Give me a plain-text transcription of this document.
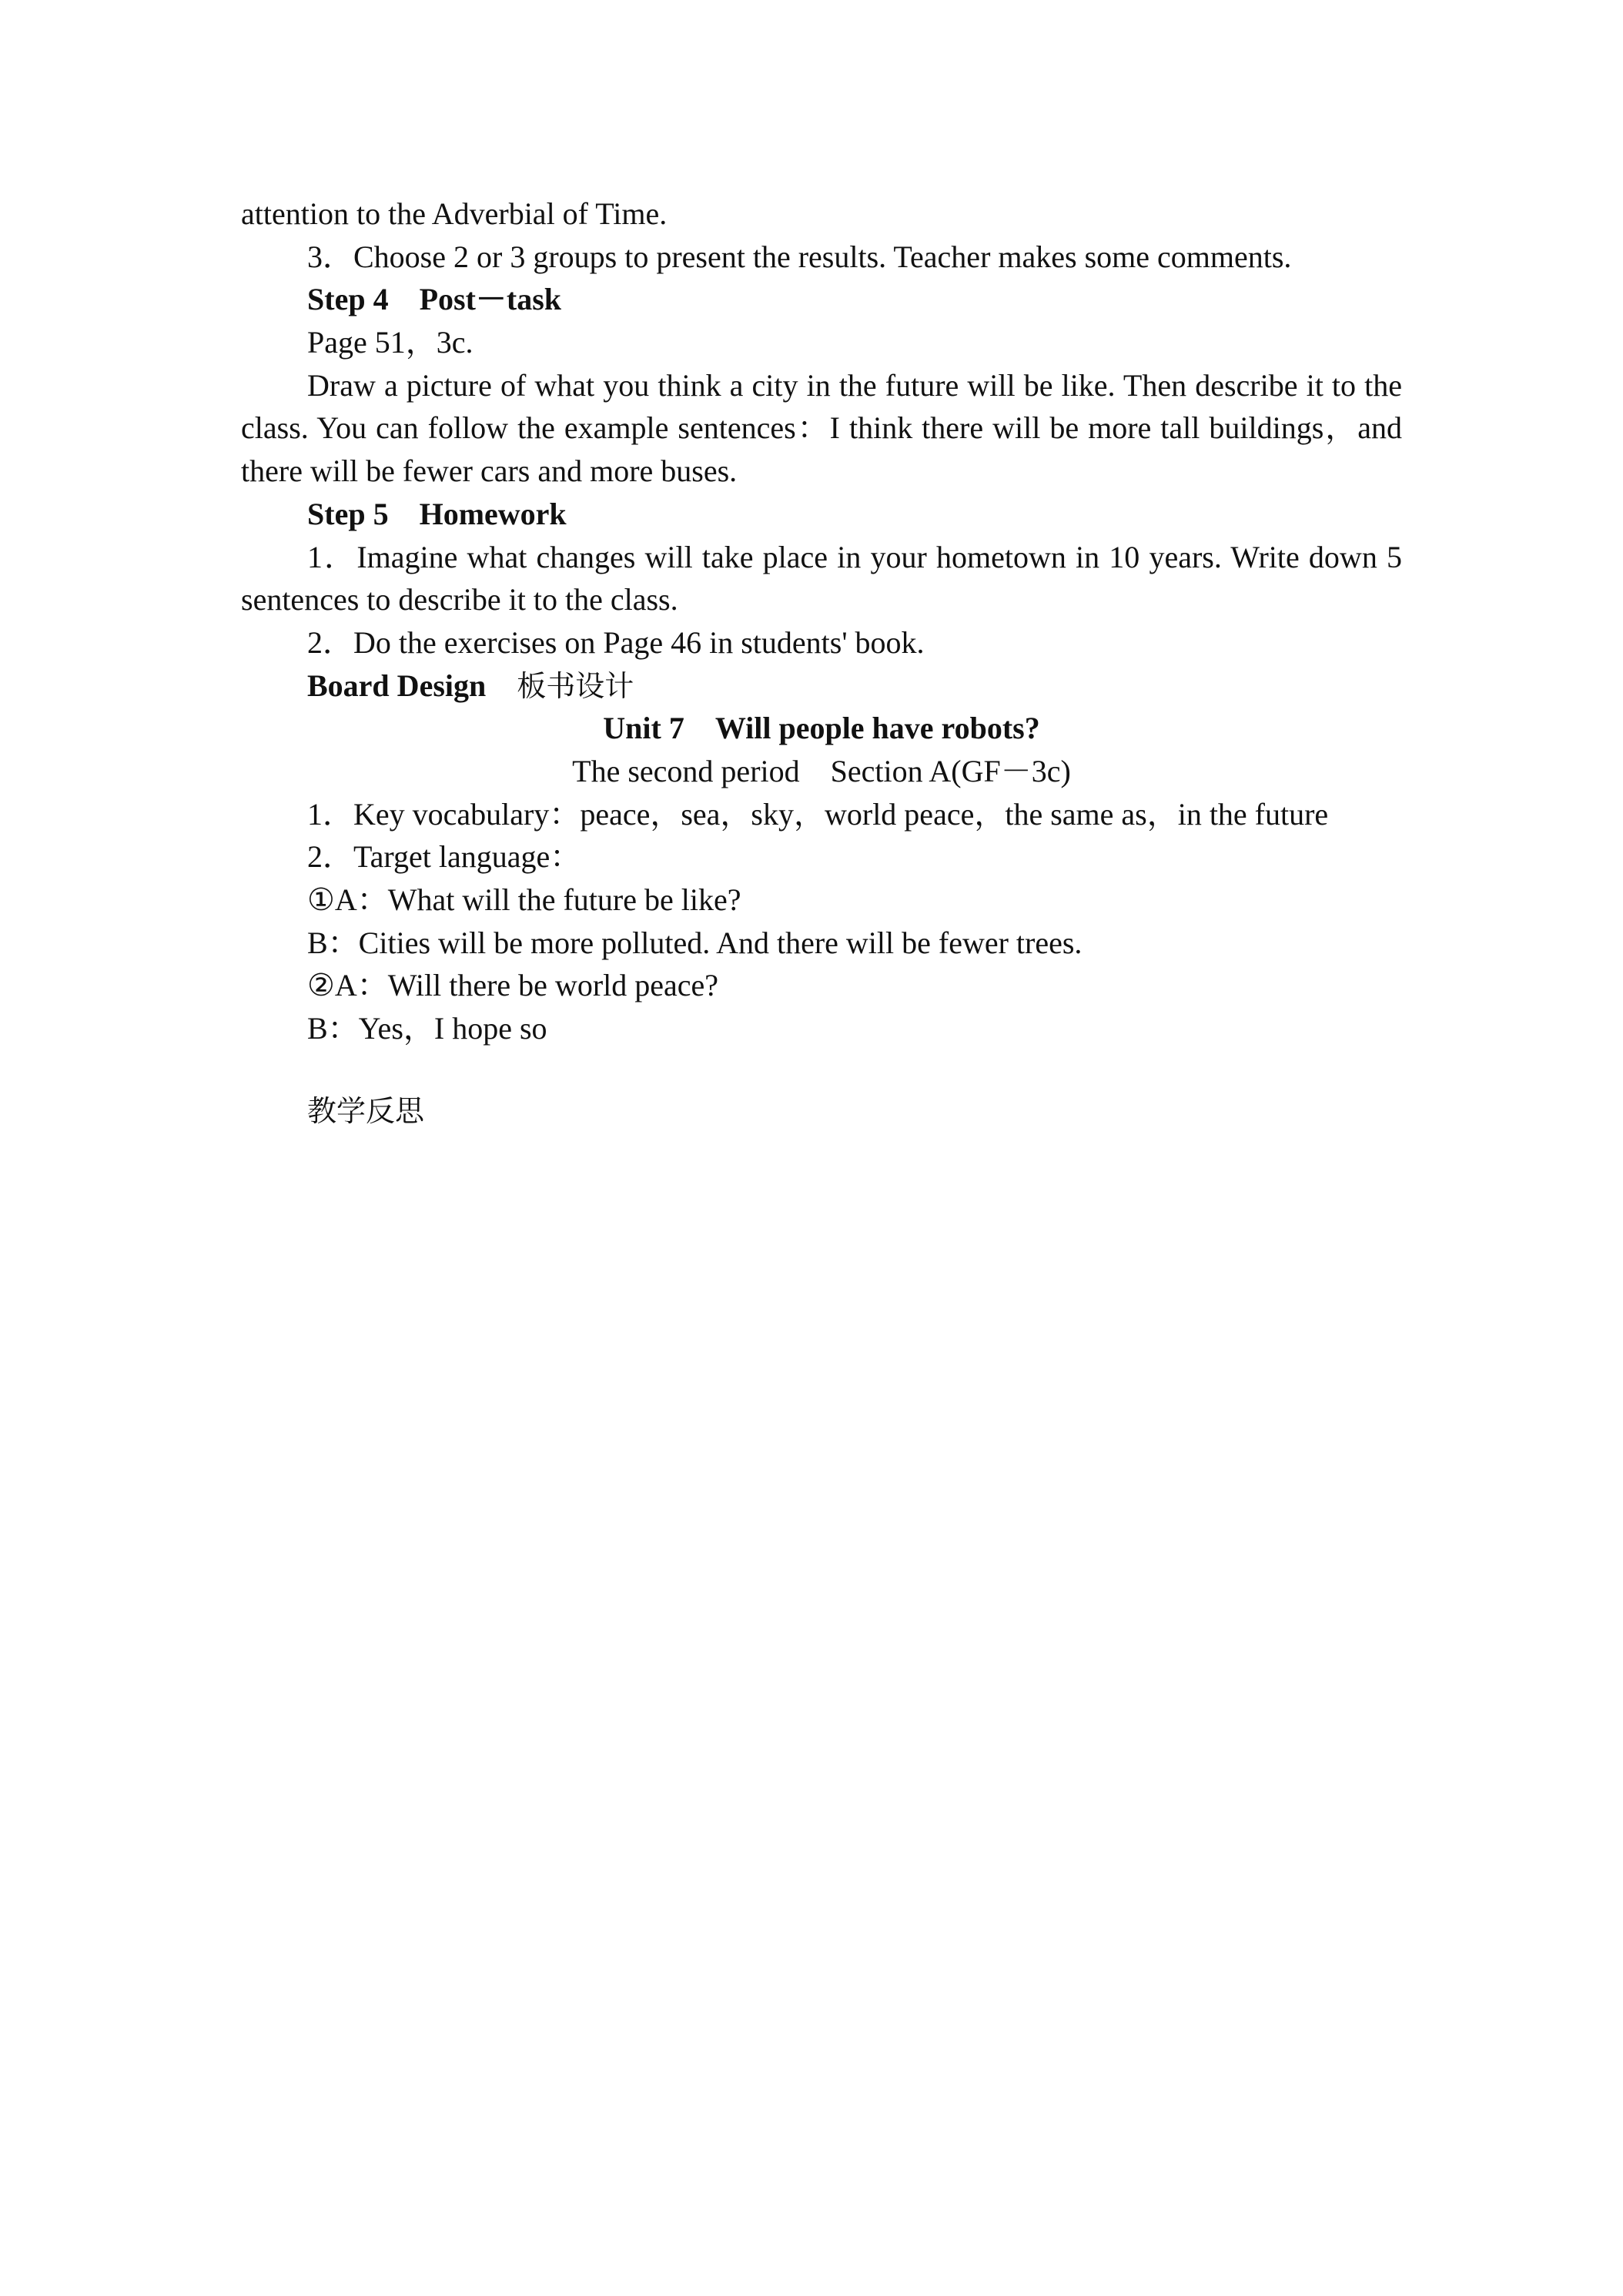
attention to the Adverbial of Time.
3．Choose 2 or 3 groups to present the results. Teacher makes some comments.
Step 4 Post－task
Page 51，3c.
Draw a picture of what you think a city in the future will be like. Then describe it to the class. You can follow the example sentences：I think there will be more tall buildings，and there will be fewer cars and more buses.
Step 5 Homework
1．Imagine what changes will take place in your hometown in 10 years. Write down 5 sentences to describe it to the class.
2．Do the exercises on Page 46 in students' book.
Board Design 板书设计
Unit 7 Will people have robots?
The second period Section A(GF－3c)
1．Key vocabulary：peace，sea，sky，world peace，the same as，in the future
2．Target language：
①A：What will the future be like?
B：Cities will be more polluted. And there will be fewer trees.
②A：Will there be world peace?
B：Yes，I hope so
教学反思
